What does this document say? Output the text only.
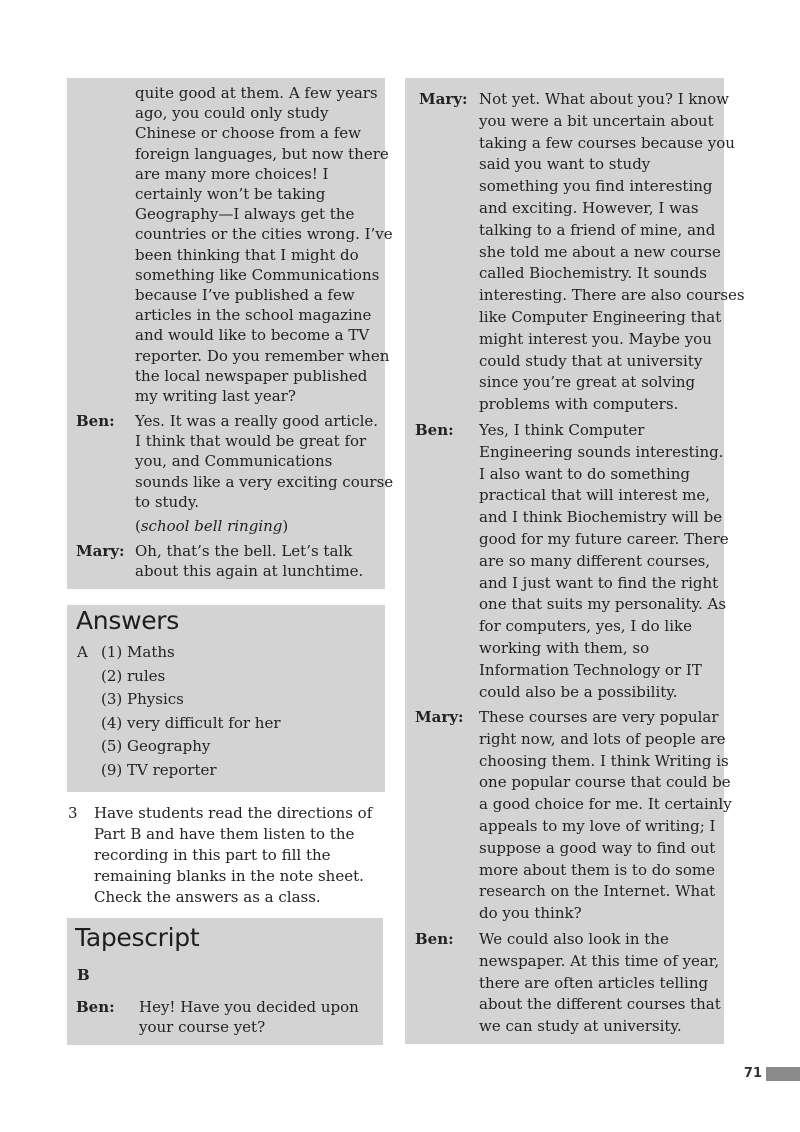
quite good at them. A few years
ago, you could only study
Chinese or choose from a few
foreign languages, but now there
are many more choices! I
certainly won’t be taking
Geography—I always get the
countries or the cities wrong. I’ve
been thinking that I might do
something like Communications
because I’ve published a few
articles in the school magazine
and would like to become a TV
reporter. Do you remember when
the local newspaper published
my writing last year?
Ben: Yes. It was a really good article.
I think that would be great for
you, and Communications
sounds like a very exciting course
to study.
(school bell ringing)
Mary: Oh, that’s the bell. Let’s talk
about this again at lunchtime.
Answers
A (1) Maths
(2) rules
(3) Physics
(4) very difficult for her
(5) Geography
(9) TV reporter
3 Have students read the directions of
Part B and have them listen to the
recording in this part to fill the
remaining blanks in the note sheet.
Check the answers as a class.
Tapescript
B
Ben: Hey! Have you decided upon
your course yet?
Mary: Not yet. What about you? I know
you were a bit uncertain about
taking a few courses because you
said you want to study
something you find interesting
and exciting. However, I was
talking to a friend of mine, and
she told me about a new course
called Biochemistry. It sounds
interesting. There are also courses
like Computer Engineering that
might interest you. Maybe you
could study that at university
since you’re great at solving
problems with computers.
Ben: Yes, I think Computer
Engineering sounds interesting.
I also want to do something
practical that will interest me,
and I think Biochemistry will be
good for my future career. There
are so many different courses,
and I just want to find the right
one that suits my personality. As
for computers, yes, I do like
working with them, so
Information Technology or IT
could also be a possibility.
Mary: These courses are very popular
right now, and lots of people are
choosing them. I think Writing is
one popular course that could be
a good choice for me. It certainly
appeals to my love of writing; I
suppose a good way to find out
more about them is to do some
research on the Internet. What
do you think?
Ben: We could also look in the
newspaper. At this time of year,
there are often articles telling
about the different courses that
we can study at university.
71
